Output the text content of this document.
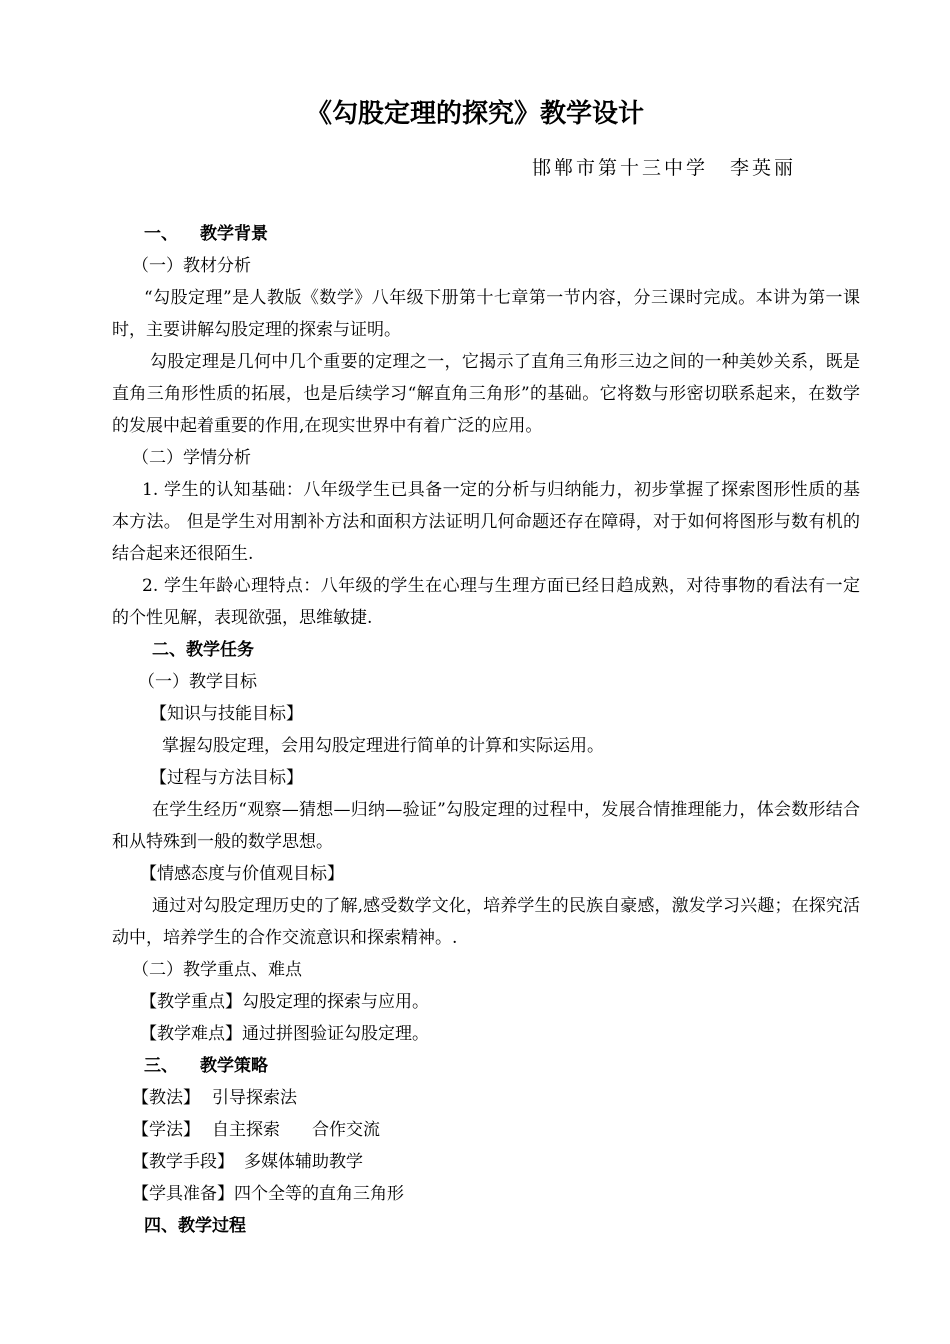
《勾股定理的探究》教学设计
邯郸市第十三中学 李英丽
一、 教学背景
（一）教材分析
“勾股定理”是人教版《数学》八年级下册第十七章第一节内容，分三课时完成。本讲为第一课时，主要讲解勾股定理的探索与证明。
勾股定理是几何中几个重要的定理之一，它揭示了直角三角形三边之间的一种美妙关系，既是直角三角形性质的拓展，也是后续学习“解直角三角形”的基础。它将数与形密切联系起来，在数学的发展中起着重要的作用,在现实世界中有着广泛的应用。
（二）学情分析
1. 学生的认知基础：八年级学生已具备一定的分析与归纳能力，初步掌握了探索图形性质的基本方法。 但是学生对用割补方法和面积方法证明几何命题还存在障碍，对于如何将图形与数有机的结合起来还很陌生.
2. 学生年龄心理特点：八年级的学生在心理与生理方面已经日趋成熟，对待事物的看法有一定的个性见解，表现欲强，思维敏捷.
二、教学任务
（一）教学目标
【知识与技能目标】
掌握勾股定理，会用勾股定理进行简单的计算和实际运用。
【过程与方法目标】
在学生经历“观察—猜想—归纳—验证”勾股定理的过程中，发展合情推理能力，体会数形结合和从特殊到一般的数学思想。
【情感态度与价值观目标】
通过对勾股定理历史的了解,感受数学文化，培养学生的民族自豪感，激发学习兴趣；在探究活动中，培养学生的合作交流意识和探索精神。.
（二）教学重点、难点
【教学重点】勾股定理的探索与应用。
【教学难点】通过拼图验证勾股定理。
三、 教学策略
【教法】 引导探索法
【学法】 自主探索 合作交流
【教学手段】 多媒体辅助教学
【学具准备】四个全等的直角三角形
四、教学过程
